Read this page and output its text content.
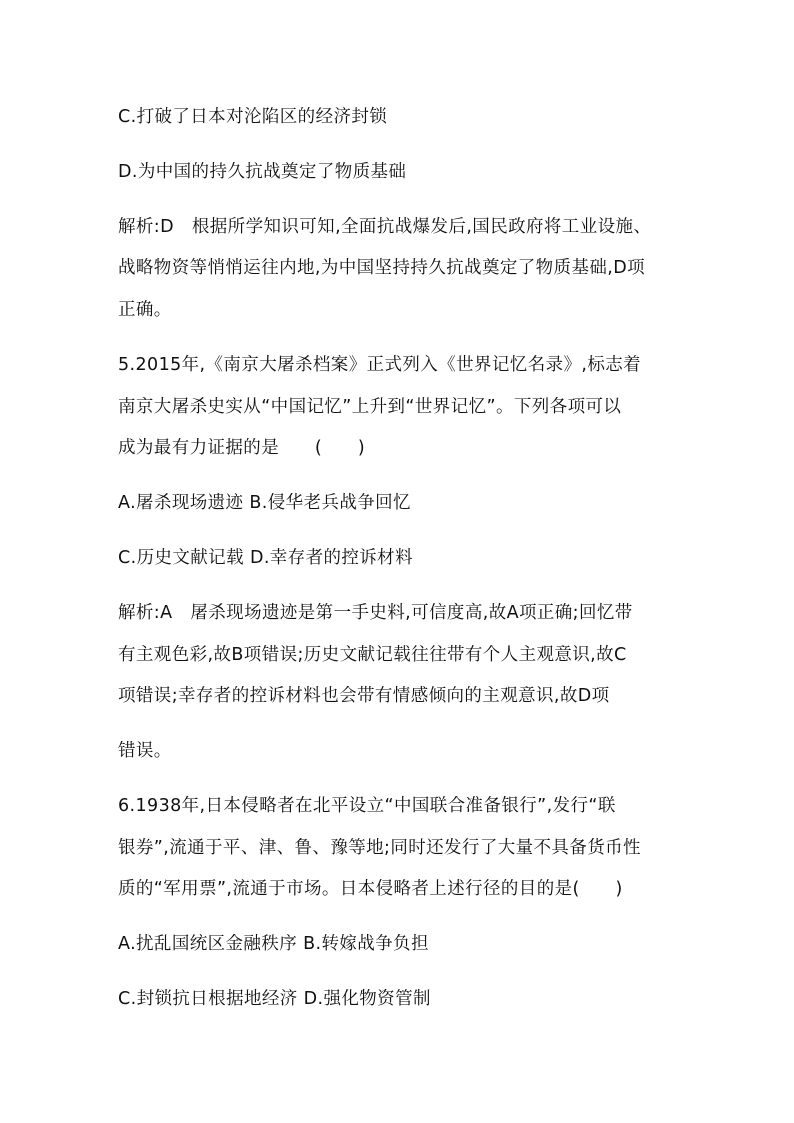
C.打破了日本对沦陷区的经济封锁
D.为中国的持久抗战奠定了物质基础
解析:D　根据所学知识可知,全面抗战爆发后,国民政府将工业设施、
战略物资等悄悄运往内地,为中国坚持持久抗战奠定了物质基础,D项
正确。
5.2015年,《南京大屠杀档案》正式列入《世界记忆名录》,标志着
南京大屠杀史实从“中国记忆”上升到“世界记忆”。下列各项可以
成为最有力证据的是　　(　　)
A.屠杀现场遗迹 B.侵华老兵战争回忆
C.历史文献记载 D.幸存者的控诉材料
解析:A　屠杀现场遗迹是第一手史料,可信度高,故A项正确;回忆带
有主观色彩,故B项错误;历史文献记载往往带有个人主观意识,故C
项错误;幸存者的控诉材料也会带有情感倾向的主观意识,故D项
错误。
6.1938年,日本侵略者在北平设立“中国联合准备银行”,发行“联
银券”,流通于平、津、鲁、豫等地;同时还发行了大量不具备货币性
质的“军用票”,流通于市场。日本侵略者上述行径的目的是(　　)
A.扰乱国统区金融秩序 B.转嫁战争负担
C.封锁抗日根据地经济 D.强化物资管制
